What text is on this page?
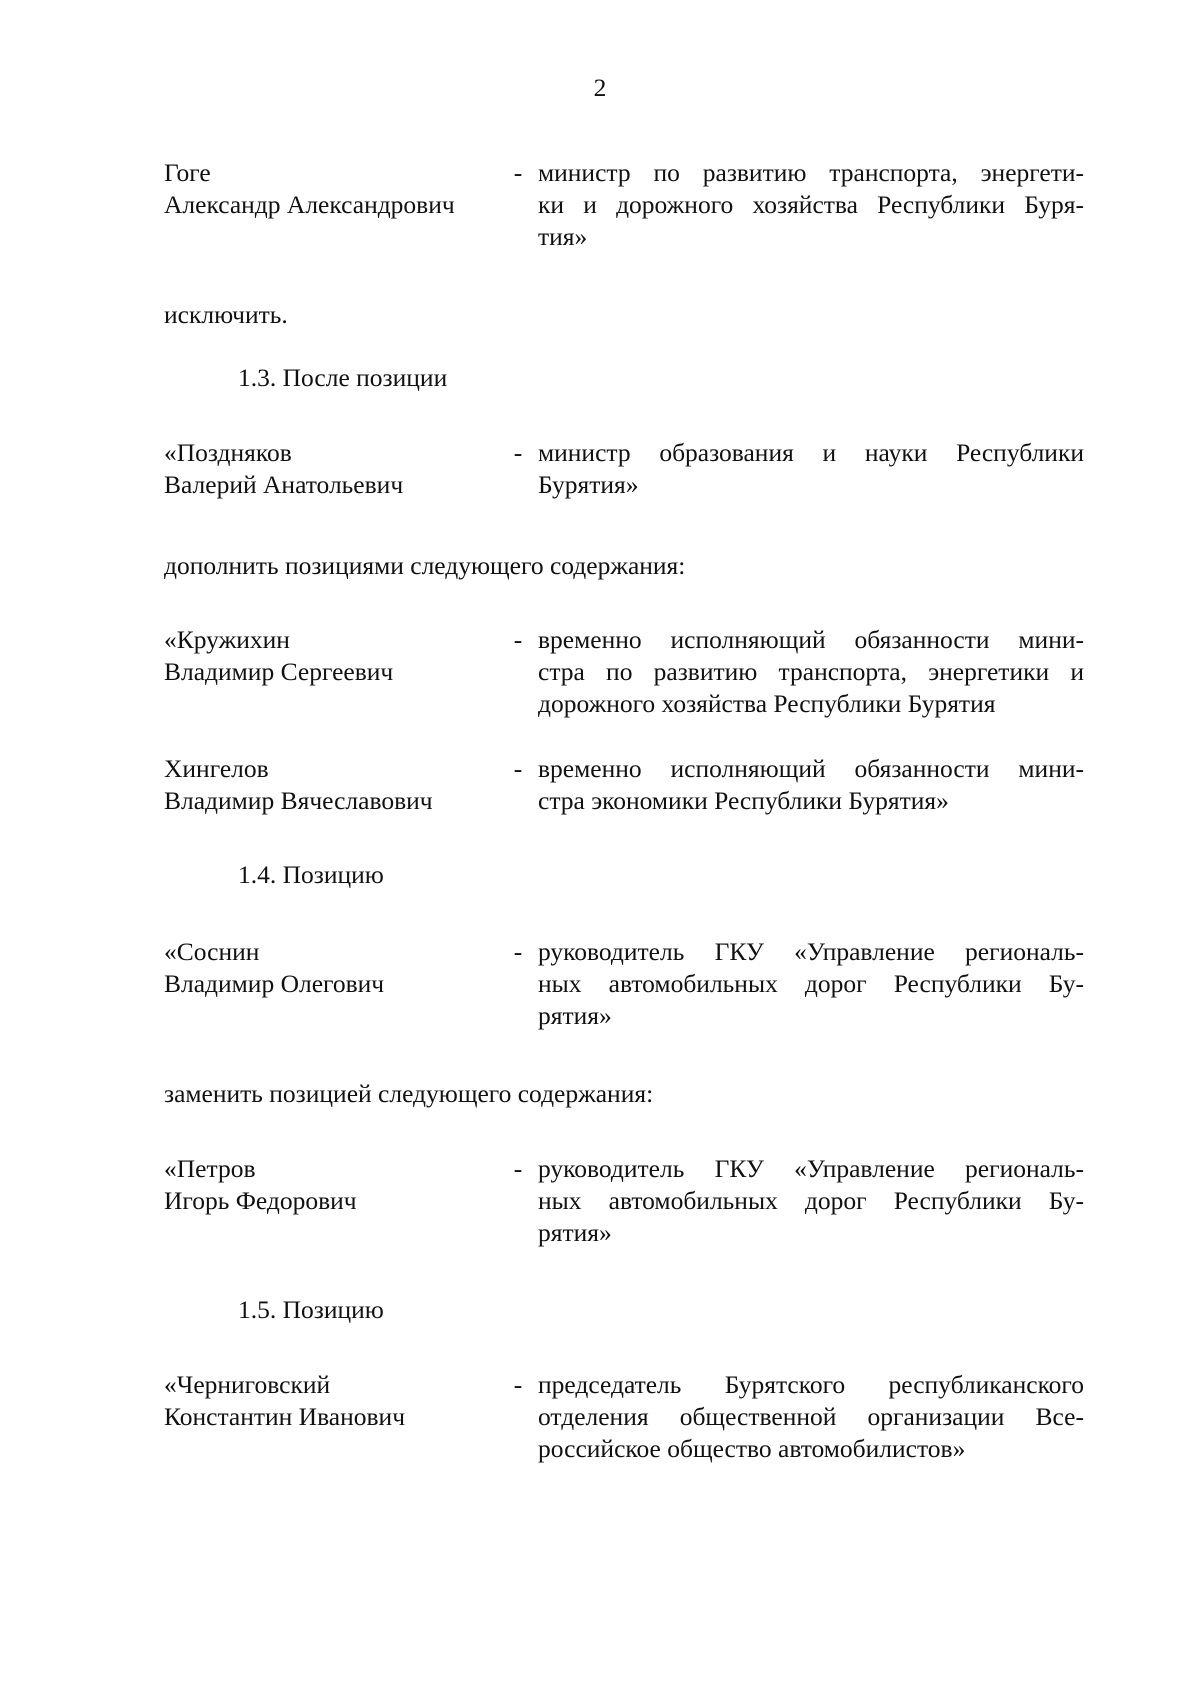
2
Гоге
Александр Александрович
- министр по развитию транспорта, энергети-
ки и дорожного хозяйства Республики Буря-
тия»

исключить.

1.3. После позиции

«Поздняков
Валерий Анатольевич
- министр образования и науки Республики
Бурятия»

дополнить позициями следующего содержания:

«Кружихин
Владимир Сергеевич
- временно исполняющий обязанности мини-
стра по развитию транспорта, энергетики и
дорожного хозяйства Республики Бурятия
Хингелов
Владимир Вячеславович
- временно исполняющий обязанности мини-
стра экономики Республики Бурятия»

1.4. Позицию

«Соснин
Владимир Олегович
- руководитель ГКУ «Управление региональ-
ных автомобильных дорог Республики Бу-
рятия»

заменить позицией следующего содержания:

«Петров
Игорь Федорович
- руководитель ГКУ «Управление региональ-
ных автомобильных дорог Республики Бу-
рятия»

1.5. Позицию

«Черниговский
Константин Иванович
- председатель Бурятского республиканского
отделения общественной организации Все-
российское общество автомобилистов»
